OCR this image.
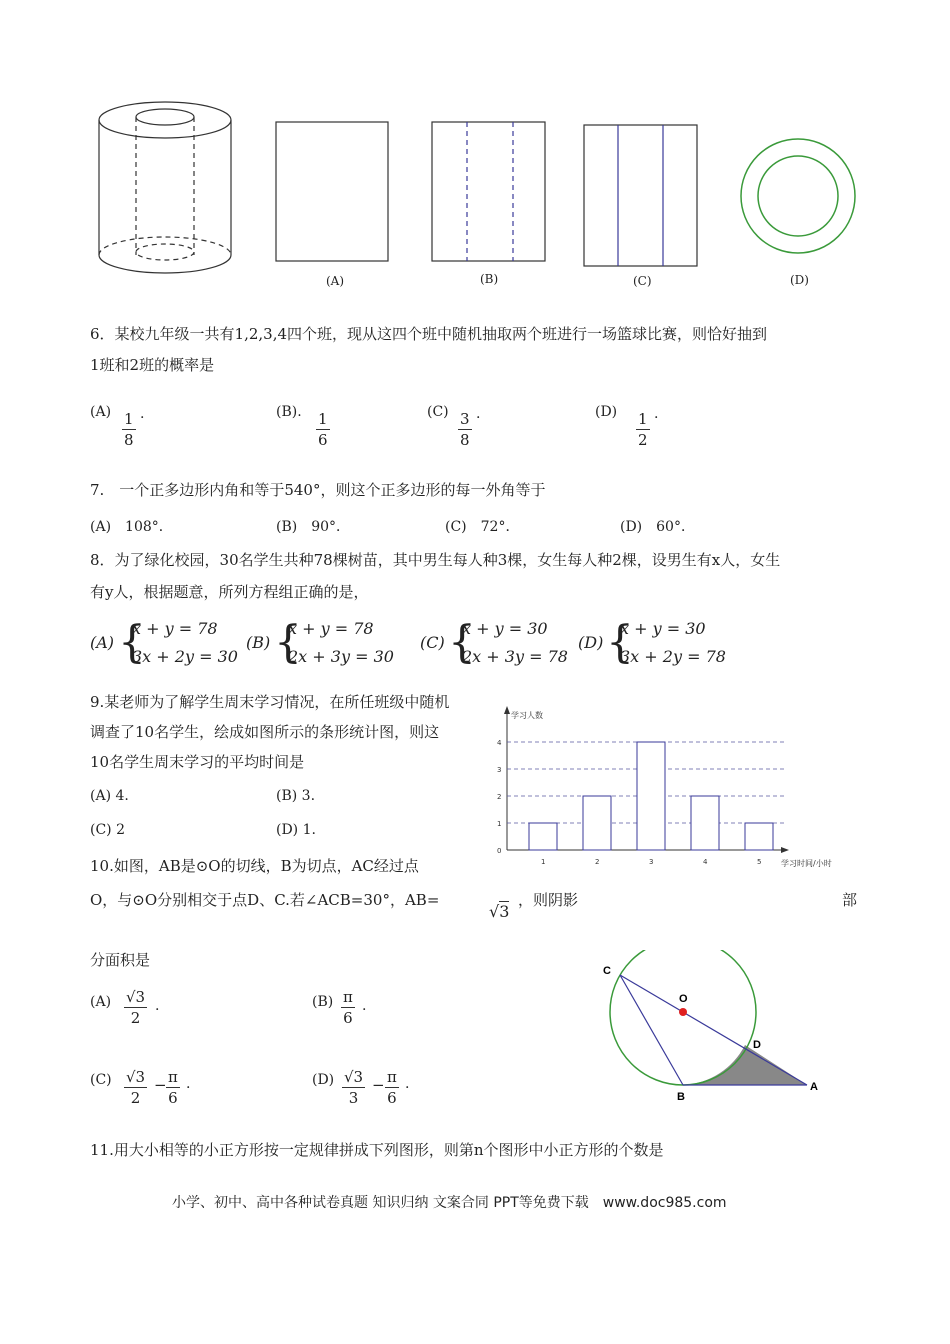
(A)	(B)	(C)	(D)
6．某校九年级一共有1,2,3,4四个班，现从这四个班中随机抽取两个班进行一场篮球比赛，则恰好抽到
1班和2班的概率是
(A) 1
8
.	(B). 1
6
(C) 3
8
.	(D) 1
2
.
7.　一个正多边形内角和等于540°，则这个正多边形的每一外角等于
(A)　108°．	(B)　90°．	(C)　72°．	(D)　60°．
8．为了绿化校园，30名学生共种78棵树苗，其中男生每人种3棵，女生每人种2棵，设男生有x人，女生
有y人，根据题意，所列方程组正确的是，
(A) {
x + y = 78
3x + 2y = 30
(B) {
x + y = 78
2x + 3y = 30
(C) {
x + y = 30
2x + 3y = 78
(D) {
x + y = 30
3x + 2y = 78
9.某老师为了解学生周末学习情况，在所任班级中随机
调查了10名学生，绘成如图所示的条形统计图，则这
10名学生周末学习的平均时间是
(A) 4.	(B) 3.
(C) 2	(D) 1.
学习人数
学习时间/小时
0
1
2
3
4
1	2	3	4	5
10.如图，AB是⊙O的切线，B为切点，AC经过点
O，与⊙O分别相交于点D、C.若∠ACB=30°，AB=
√3
，则阴影	部
分面积是
(A) √3
2
.	(B) π
6
.
(C) √3
2
− π
6
.	(D) √3
3
− π
6
.
C
O
D
B
A
11.用大小相等的小正方形按一定规律拼成下列图形，则第n个图形中小正方形的个数是
小学、初中、高中各种试卷真题 知识归纳 文案合同 PPT等免费下载　www.doc985.com
